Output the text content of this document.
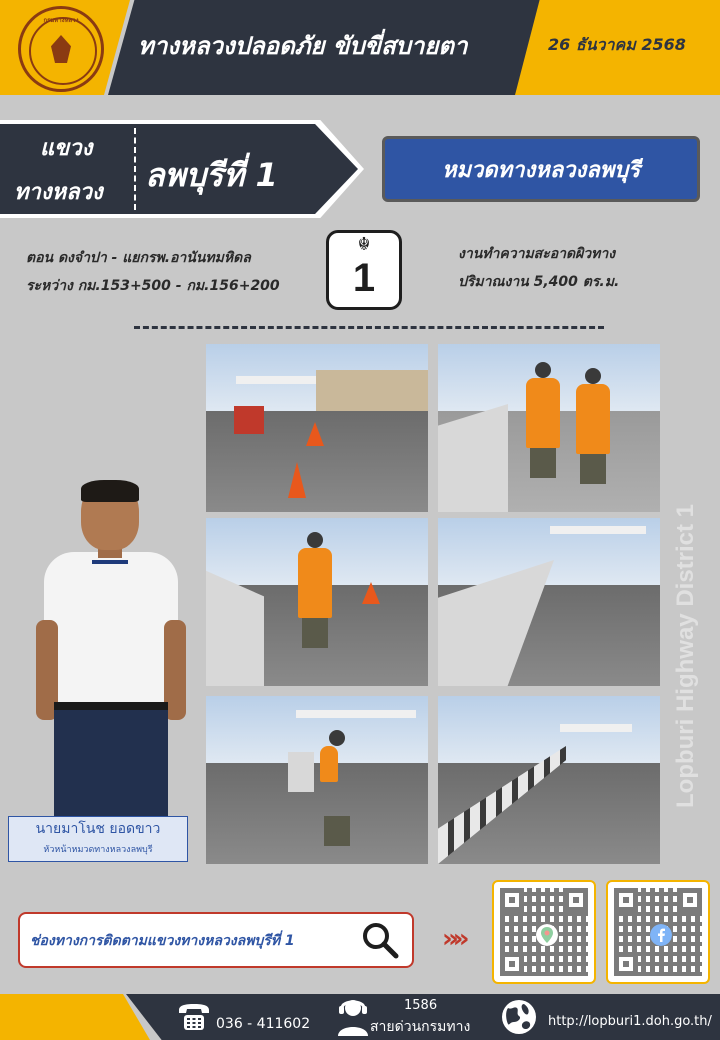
กรมทางหลวง
ทางหลวงปลอดภัย ขับขี่สบายตา	26 ธันวาคม 2568
แขวง
ทางหลวง ลพบุรีที่ 1	หมวดทางหลวงลพบุรี
ตอน ดงจำปา - แยกรพ.อานันทมหิดล
ระหว่าง กม.153+500 - กม.156+200
☬
1
งานทำความสะอาดผิวทาง
ปริมาณงาน 5,400 ตร.ม.
นายมาโนช ยอดขาว
หัวหน้าหมวดทางหลวงลพบุรี
Lopburi Highway District 1
ช่องทางการติดตามแขวงทางหลวงลพบุรีที่ 1	»»
036 - 411602
1586
สายด่วนกรมทาง	http://lopburi1.doh.go.th/
